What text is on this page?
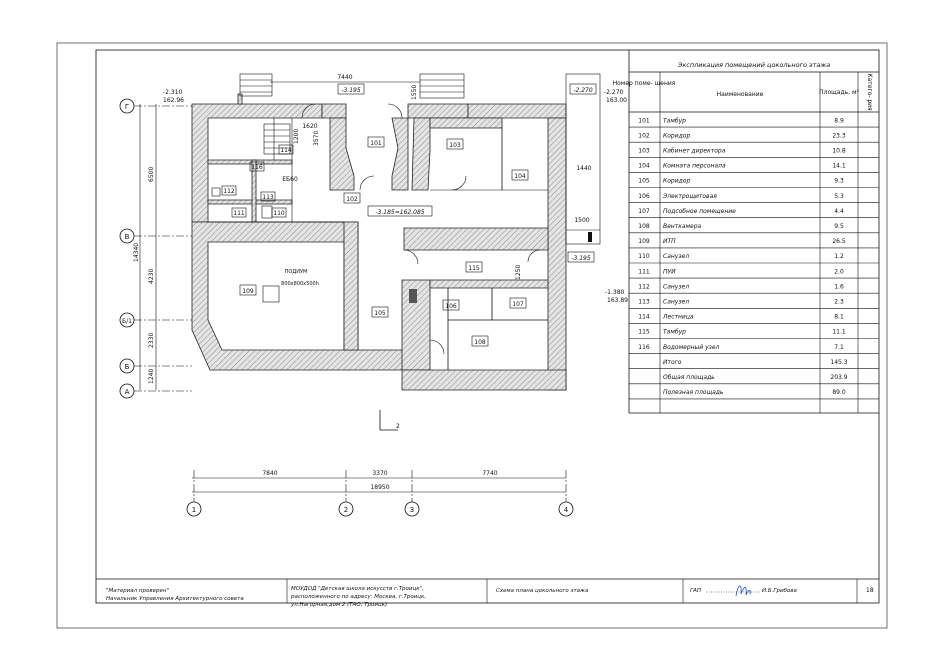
101
102
103
104
105
106	107
108
109
110
111
112
113
114
115
116
ПОДИУМ
800х800х500h
ЕБ60
-2.310
162.96
-2.270
163.00
-1.380
163.89
-2.270
-3.195
-3.195
-3.185=162.085
7440
1620
1200 3570
1550
1440
1500
1250
6500
14340
4230
2330
1240
7840	3370	7740
18950
Г
В
Б/1
Б
А
1	2	3	4
2
Экспликация помещений цокольного этажа
Номер поме- щения
Наименование	Площадь, м² Катего- рия
101 Тамбур	8.9
102 Коридор	23.3
103 Кабинет директора	10.8
104 Комната персонала	14.1
105 Коридор	9.3
106 Электрощитовая	5.3
107 Подсобное помещение	4.4
108 Венткамера	9.5
109 ИТП	26.5
110 Санузел	1.2
111 ПУИ	2.0
112 Санузел	1.6
113 Санузел	2.3
114 Лестница	8.1
115 Тамбур	11.1
116 Водомерный узел	7.1
Итого	145.3
Общая площадь	203.9
Полезная площадь	89.0
"Материал проверен"
Начальник Управления Архитектурного совета
МОУДОД "Детская школа искусств г.Троицк",
расположенного по адресу: Москва, г.Троицк,
ул.Нагорная,дом 2 (ТАО, Троицк)
Схема плана цокольного этажа	ГАП	И.Б.Грибова	18
